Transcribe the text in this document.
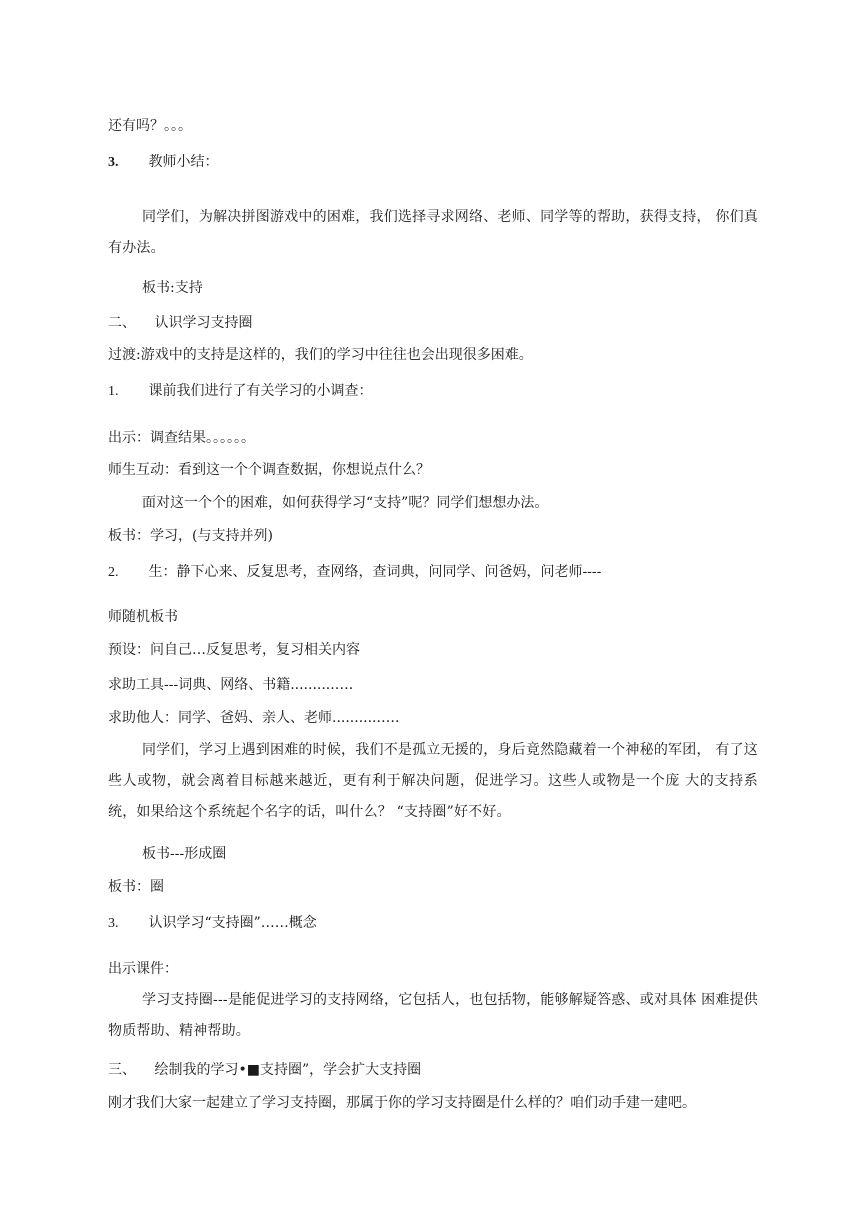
还有吗？。。。
3. 教师小结：
同学们，为解决拼图游戏中的困难，我们选择寻求网络、老师、同学等的帮助，获得支持， 你们真有办法。
板书:支持
二、 认识学习支持圈
过渡:游戏中的支持是这样的，我们的学习中往往也会出现很多困难。
1. 课前我们进行了有关学习的小调查：
出示：调查结果。。。。。。
师生互动：看到这一个个调查数据，你想说点什么？
面对这一个个的困难，如何获得学习“支持”呢？同学们想想办法。
板书：学习，(与支持并列)
2. 生：静下心来、反复思考，查网络，查词典，问同学、问爸妈，问老师----
师随机板书
预设：问自己…反复思考，复习相关内容
求助工具---词典、网络、书籍..........….
求助他人：同学、爸妈、亲人、老师...........….
同学们，学习上遇到困难的时候，我们不是孤立无援的，身后竟然隐藏着一个神秘的军团， 有了这些人或物，就会离着目标越来越近，更有利于解决问题，促进学习。这些人或物是一个庞 大的支持系统，如果给这个系统起个名字的话，叫什么？ “支持圈”好不好。
板书---形成圈
板书：圈
3. 认识学习“支持圈”……概念
出示课件：
学习支持圈---是能促进学习的支持网络，它包括人，也包括物，能够解疑答惑、或对具体 困难提供物质帮助、精神帮助。
三、 绘制我的学习•■支持圈”，学会扩大支持圈
刚才我们大家一起建立了学习支持圈，那属于你的学习支持圈是什么样的？咱们动手建一建吧。
